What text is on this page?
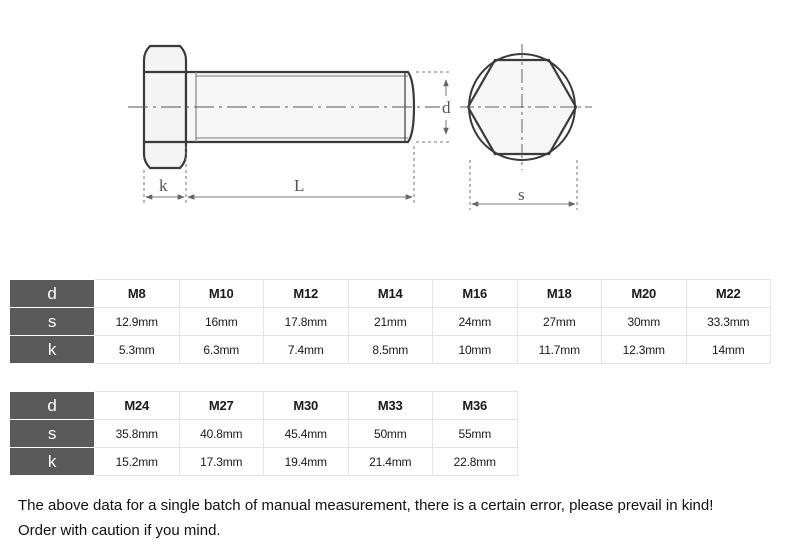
d
k	L	s
d	M8	M10	M12	M14	M16	M18	M20	M22
s	12.9mm	16mm	17.8mm	21mm	24mm	27mm	30mm	33.3mm
k	5.3mm	6.3mm	7.4mm	8.5mm	10mm	11.7mm	12.3mm	14mm
d	M24	M27	M30	M33	M36
s	35.8mm	40.8mm	45.4mm	50mm	55mm
k	15.2mm	17.3mm	19.4mm	21.4mm	22.8mm

The above data for a single batch of manual measurement, there is a certain error, please prevail in kind!

Order with caution if you mind.
